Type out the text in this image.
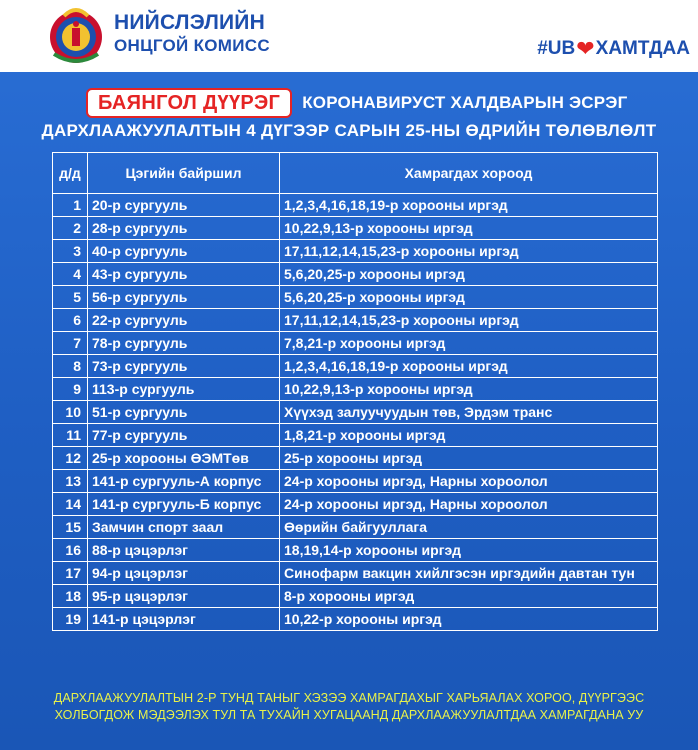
НИЙСЛЭЛИЙН
ОНЦГОЙ КОМИСС	#UB ❤ ХАМТДАА
БАЯНГОЛ ДҮҮРЭГ	КОРОНАВИРУСТ ХАЛДВАРЫН ЭСРЭГ
ДАРХЛААЖУУЛАЛТЫН 4 ДҮГЭЭР САРЫН 25-НЫ ӨДРИЙН ТӨЛӨВЛӨЛТ
д/д	Цэгийн байршил	Хамрагдах хороод
1	20-р сургууль	1,2,3,4,16,18,19-р хорооны иргэд
2	28-р сургууль	10,22,9,13-р хорооны иргэд
3	40-р сургууль	17,11,12,14,15,23-р хорооны иргэд
4	43-р сургууль	5,6,20,25-р хорооны иргэд
5	56-р сургууль	5,6,20,25-р хорооны иргэд
6	22-р сургууль	17,11,12,14,15,23-р хорооны иргэд
7	78-р сургууль	7,8,21-р хорооны иргэд
8	73-р сургууль	1,2,3,4,16,18,19-р хорооны иргэд
9	113-р сургууль	10,22,9,13-р хорооны иргэд
10	51-р сургууль	Хүүхэд залуучуудын төв, Эрдэм транс
11	77-р сургууль	1,8,21-р хорооны иргэд
12	25-р хорооны ӨЭМТөв	25-р хорооны иргэд
13	141-р сургууль-А корпус	24-р хорооны иргэд, Нарны хороолол
14	141-р сургууль-Б корпус	24-р хорооны иргэд, Нарны хороолол
15	Замчин спорт заал	Өөрийн байгууллага
16	88-р цэцэрлэг	18,19,14-р хорооны иргэд
17	94-р цэцэрлэг	Синофарм вакцин хийлгэсэн иргэдийн давтан тун
18	95-р цэцэрлэг	8-р хорооны иргэд
19	141-р цэцэрлэг	10,22-р хорооны иргэд
ДАРХЛААЖУУЛАЛТЫН 2-Р ТУНД ТАНЫГ ХЭЗЭЭ ХАМРАГДАХЫГ ХАРЬЯАЛАХ ХОРОО, ДҮҮРГЭЭС
ХОЛБОГДОЖ МЭДЭЭЛЭХ ТУЛ ТА ТУХАЙН ХУГАЦААНД ДАРХЛААЖУУЛАЛТДАА ХАМРАГДАНА УУ
